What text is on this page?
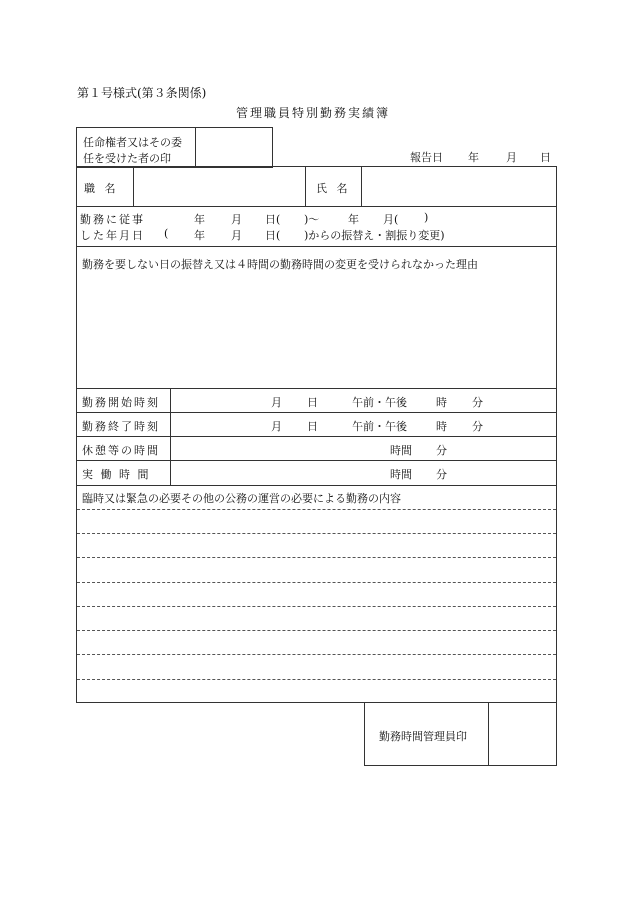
第１号様式(第３条関係)
管理職員特別勤務実績簿
任命権者又はその委
任を受けた者の印	報告日 年 月 日
職 名	氏 名
勤務に従事
した年月日
年 月 日( )～	年 月( )
( 年 月 日( )からの振替え・割振り変更)
勤務を要しない日の振替え又は４時間の勤務時間の変更を受けられなかった理由
勤務開始時刻	月 日	午前・午後	時 分
勤務終了時刻	月 日	午前・午後	時 分
休憩等の時間	時間 分
実 働 時 間	時間 分
臨時又は緊急の必要その他の公務の運営の必要による勤務の内容
勤務時間管理員印
